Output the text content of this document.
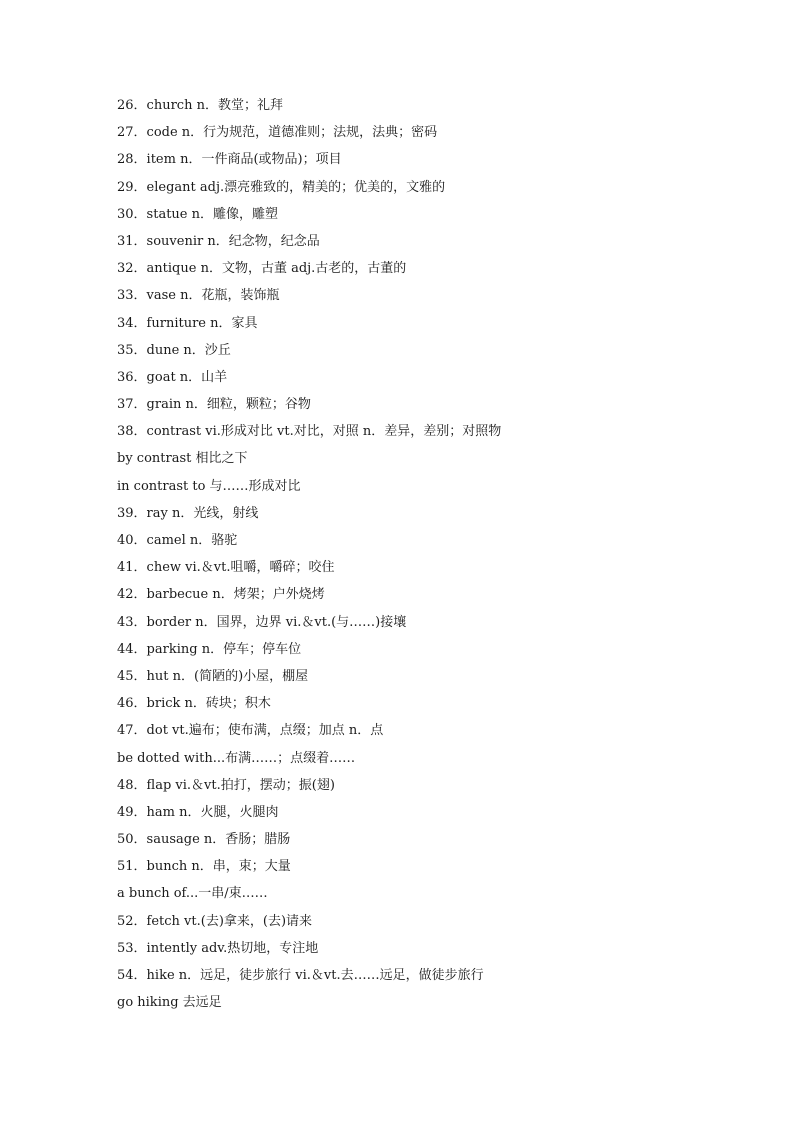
26．church n．教堂；礼拜
27．code n．行为规范，道德准则；法规，法典；密码
28．item n．一件商品(或物品)；项目
29．elegant adj.漂亮雅致的，精美的；优美的，文雅的
30．statue n．雕像，雕塑
31．souvenir n．纪念物，纪念品
32．antique n．文物，古董 adj.古老的，古董的
33．vase n．花瓶，装饰瓶
34．furniture n．家具
35．dune n．沙丘
36．goat n．山羊
37．grain n．细粒，颗粒；谷物
38．contrast vi.形成对比 vt.对比，对照 n．差异，差别；对照物
by contrast 相比之下
in contrast to 与……形成对比
39．ray n．光线，射线
40．camel n．骆驼
41．chew vi.＆vt.咀嚼，嚼碎；咬住
42．barbecue n．烤架；户外烧烤
43．border n．国界，边界 vi.＆vt.(与……)接壤
44．parking n．停车；停车位
45．hut n．(简陋的)小屋，棚屋
46．brick n．砖块；积木
47．dot vt.遍布；使布满，点缀；加点 n．点
be dotted with...布满……；点缀着……
48．flap vi.＆vt.拍打，摆动；振(翅)
49．ham n．火腿，火腿肉
50．sausage n．香肠；腊肠
51．bunch n．串，束；大量
a bunch of...一串/束……
52．fetch vt.(去)拿来，(去)请来
53．intently adv.热切地，专注地
54．hike n．远足，徒步旅行 vi.＆vt.去……远足，做徒步旅行
go hiking 去远足
